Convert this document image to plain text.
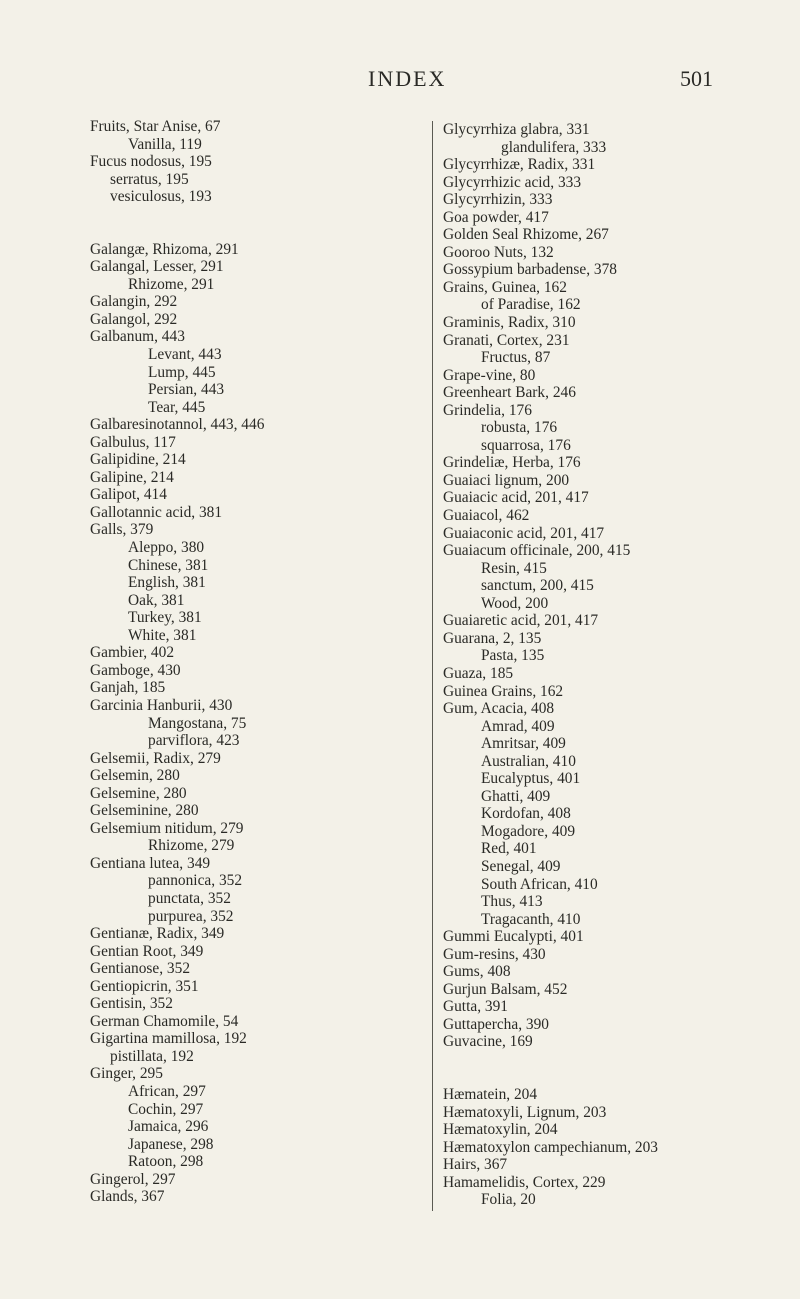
INDEX	501
Fruits, Star Anise, 67
Vanilla, 119
Fucus nodosus, 195
serratus, 195
vesiculosus, 193
Galangæ, Rhizoma, 291
Galangal, Lesser, 291
Rhizome, 291
Galangin, 292
Galangol, 292
Galbanum, 443
Levant, 443
Lump, 445
Persian, 443
Tear, 445
Galbaresinotannol, 443, 446
Galbulus, 117
Galipidine, 214
Galipine, 214
Galipot, 414
Gallotannic acid, 381
Galls, 379
Aleppo, 380
Chinese, 381
English, 381
Oak, 381
Turkey, 381
White, 381
Gambier, 402
Gamboge, 430
Ganjah, 185
Garcinia Hanburii, 430
Mangostana, 75
parviflora, 423
Gelsemii, Radix, 279
Gelsemin, 280
Gelsemine, 280
Gelseminine, 280
Gelsemium nitidum, 279
Rhizome, 279
Gentiana lutea, 349
pannonica, 352
punctata, 352
purpurea, 352
Gentianæ, Radix, 349
Gentian Root, 349
Gentianose, 352
Gentiopicrin, 351
Gentisin, 352
German Chamomile, 54
Gigartina mamillosa, 192
pistillata, 192
Ginger, 295
African, 297
Cochin, 297
Jamaica, 296
Japanese, 298
Ratoon, 298
Gingerol, 297
Glands, 367
Glycyrrhiza glabra, 331
glandulifera, 333
Glycyrrhizæ, Radix, 331
Glycyrrhizic acid, 333
Glycyrrhizin, 333
Goa powder, 417
Golden Seal Rhizome, 267
Gooroo Nuts, 132
Gossypium barbadense, 378
Grains, Guinea, 162
of Paradise, 162
Graminis, Radix, 310
Granati, Cortex, 231
Fructus, 87
Grape-vine, 80
Greenheart Bark, 246
Grindelia, 176
robusta, 176
squarrosa, 176
Grindeliæ, Herba, 176
Guaiaci lignum, 200
Guaiacic acid, 201, 417
Guaiacol, 462
Guaiaconic acid, 201, 417
Guaiacum officinale, 200, 415
Resin, 415
sanctum, 200, 415
Wood, 200
Guaiaretic acid, 201, 417
Guarana, 2, 135
Pasta, 135
Guaza, 185
Guinea Grains, 162
Gum, Acacia, 408
Amrad, 409
Amritsar, 409
Australian, 410
Eucalyptus, 401
Ghatti, 409
Kordofan, 408
Mogadore, 409
Red, 401
Senegal, 409
South African, 410
Thus, 413
Tragacanth, 410
Gummi Eucalypti, 401
Gum-resins, 430
Gums, 408
Gurjun Balsam, 452
Gutta, 391
Guttapercha, 390
Guvacine, 169
Hæmatein, 204
Hæmatoxyli, Lignum, 203
Hæmatoxylin, 204
Hæmatoxylon campechianum, 203
Hairs, 367
Hamamelidis, Cortex, 229
Folia, 20
